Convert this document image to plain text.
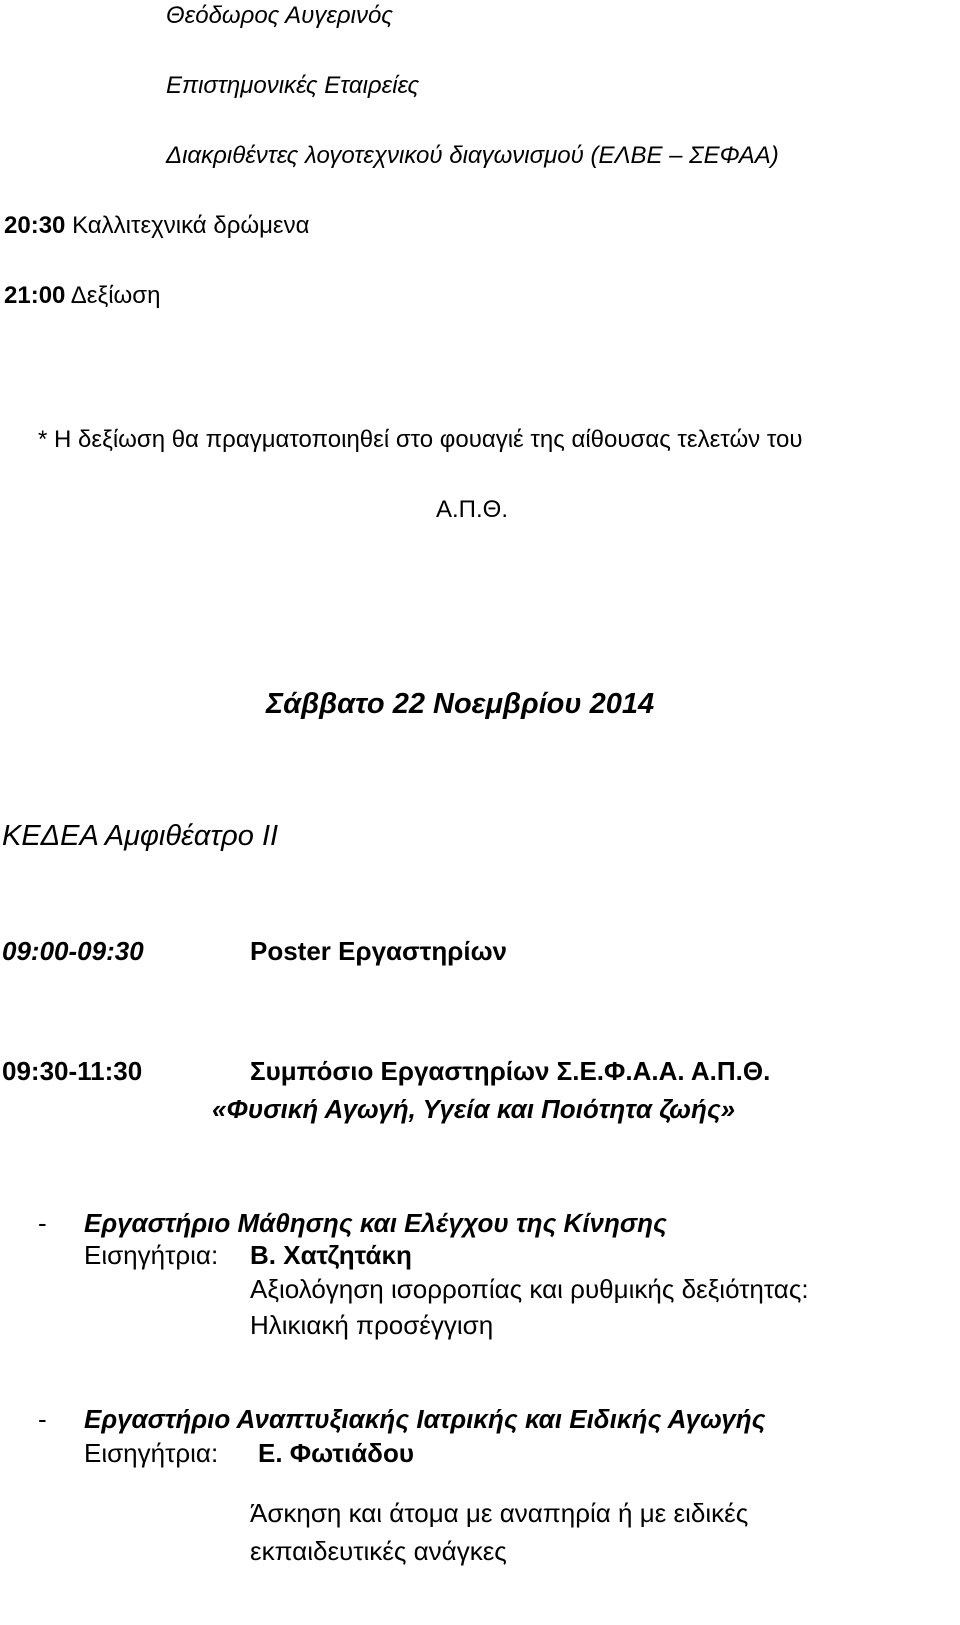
Θεόδωρος Αυγερινός
Επιστημονικές Εταιρείες
Διακριθέντες λογοτεχνικού διαγωνισμού (ΕΛΒΕ – ΣΕΦΑΑ)
20:30 Καλλιτεχνικά δρώμενα
21:00 Δεξίωση
* Η δεξίωση θα πραγματοποιηθεί στο φουαγιέ της αίθουσας τελετών του
Α.Π.Θ.
Σάββατο 22 Νοεμβρίου 2014
ΚΕΔΕΑ Αμφιθέατρο ΙΙ
09:00-09:30	Poster Εργαστηρίων
09:30-11:30	Συμπόσιο Εργαστηρίων Σ.Ε.Φ.Α.Α. Α.Π.Θ.
«Φυσική Αγωγή, Υγεία και Ποιότητα ζωής»
- Εργαστήριο Μάθησης και Ελέγχου της Κίνησης
Εισηγήτρια: Β. Χατζητάκη
Αξιολόγηση ισορροπίας και ρυθμικής δεξιότητας:
Ηλικιακή προσέγγιση
- Εργαστήριο Αναπτυξιακής Ιατρικής και Ειδικής Αγωγής
Εισηγήτρια: Ε. Φωτιάδου
Άσκηση και άτομα με αναπηρία ή με ειδικές
εκπαιδευτικές ανάγκες
